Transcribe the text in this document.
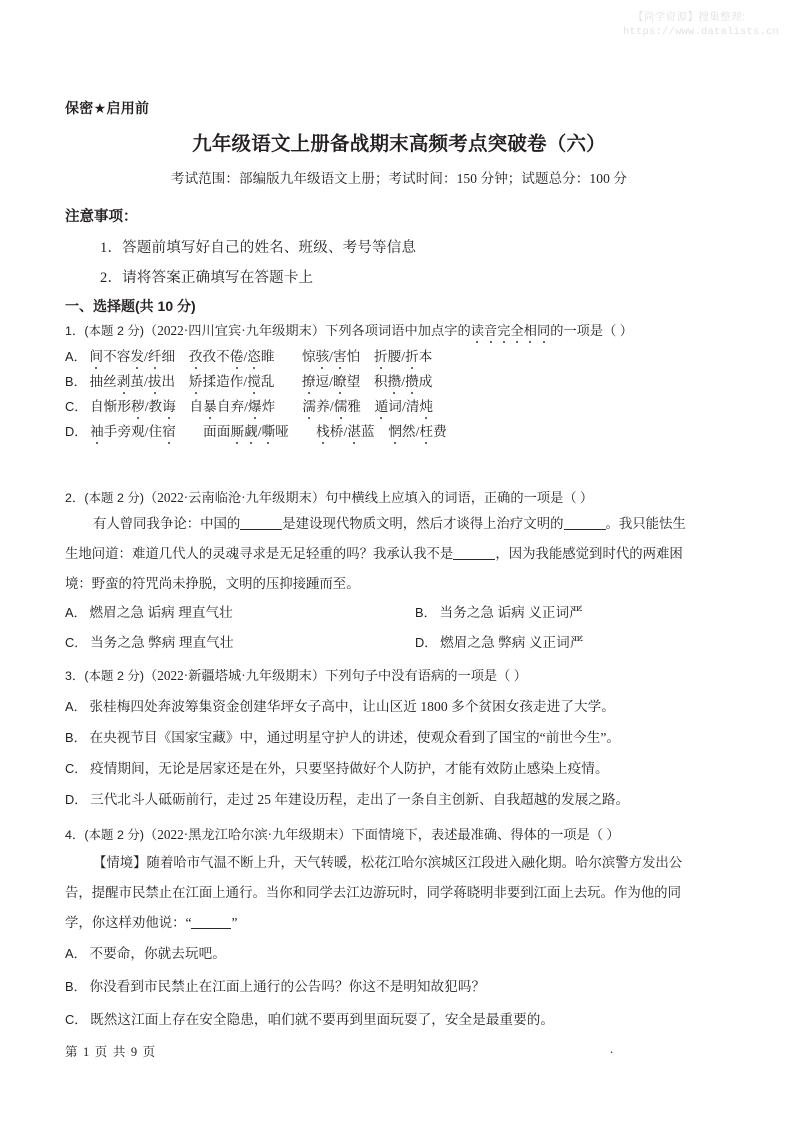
【尚学资源】搜集整理:
https://www.datalists.cn
保密★启用前
九年级语文上册备战期末高频考点突破卷（六）
考试范围：部编版九年级语文上册；考试时间：150 分钟；试题总分：100 分
注意事项：
1．答题前填写好自己的姓名、班级、考号等信息
2．请将答案正确填写在答题卡上
一、选择题(共 10 分)
1．(本题 2 分)（2022·四川宜宾·九年级期末）下列各项词语中加点字的读音完全相同的一项是（ ）
A． 间不容发/纤细　孜孜不倦/恣睢　　惊骇/害怕　折腰/折本
B． 抽丝剥茧/拔出　矫揉造作/搅乱　　撩逗/瞭望　积攒/攒成
C． 自惭形秽/教诲　自暴自弃/爆炸　　濡养/儒雅　遁词/清炖
D． 袖手旁观/住宿　　面面厮觑/嘶哑　　栈桥/湛蓝　惘然/枉费
2．(本题 2 分)（2022·云南临沧·九年级期末）句中横线上应填入的词语，正确的一项是（ ）
有人曾同我争论：中国的	是建设现代物质文明，然后才谈得上治疗文明的	。我只能怯生
生地问道：难道几代人的灵魂寻求是无足轻重的吗？我承认我不是	，因为我能感觉到时代的两难困
境：野蛮的符咒尚未挣脱，文明的压抑接踵而至。
A． 燃眉之急 诟病 理直气壮	B． 当务之急 诟病 义正词严
C． 当务之急 弊病 理直气壮	D． 燃眉之急 弊病 义正词严
3．(本题 2 分)（2022·新疆塔城·九年级期末）下列句子中没有语病的一项是（ ）
A． 张桂梅四处奔波筹集资金创建华坪女子高中，让山区近 1800 多个贫困女孩走进了大学。
B． 在央视节目《国家宝藏》中，通过明星守护人的讲述，使观众看到了国宝的“前世今生”。
C． 疫情期间，无论是居家还是在外，只要坚持做好个人防护，才能有效防止感染上疫情。
D． 三代北斗人砥砺前行，走过 25 年建设历程，走出了一条自主创新、自我超越的发展之路。
4．(本题 2 分)（2022·黑龙江哈尔滨·九年级期末）下面情境下，表述最准确、得体的一项是（ ）
【情境】随着哈市气温不断上升，天气转暖，松花江哈尔滨城区江段进入融化期。哈尔滨警方发出公
告，提醒市民禁止在江面上通行。当你和同学去江边游玩时，同学蒋晓明非要到江面上去玩。作为他的同
学，你这样劝他说：“	”
A． 不要命，你就去玩吧。
B． 你没看到市民禁止在江面上通行的公告吗？你这不是明知故犯吗？
C． 既然这江面上存在安全隐患，咱们就不要再到里面玩耍了，安全是最重要的。
第 1 页 共 9 页	.
